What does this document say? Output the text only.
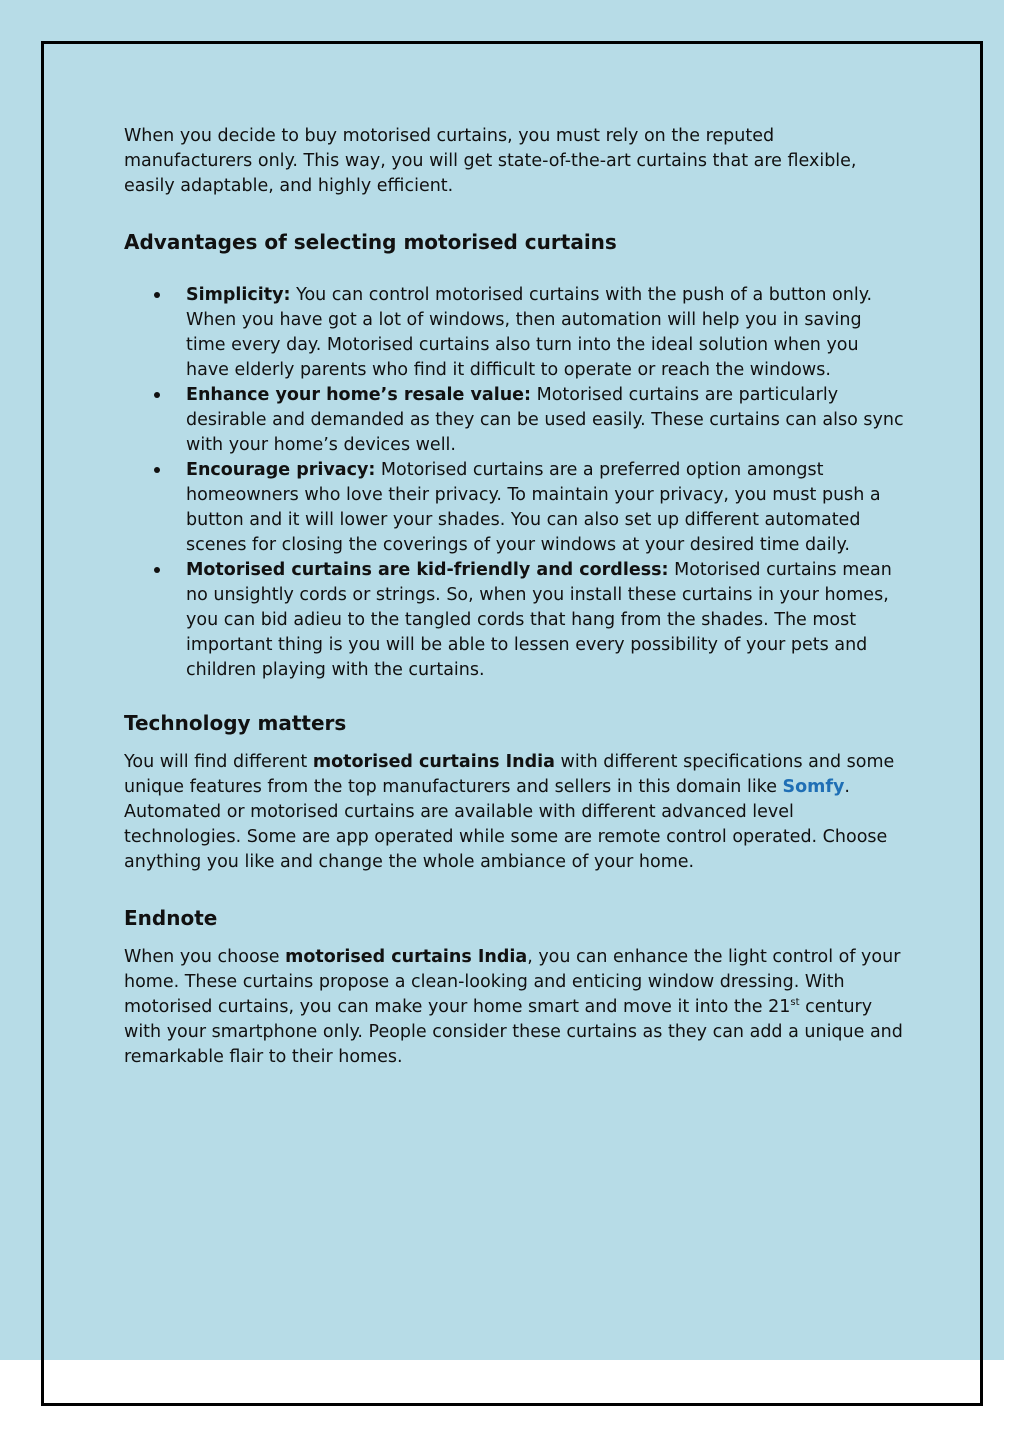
When you decide to buy motorised curtains, you must rely on the reputed manufacturers only. This way, you will get state-of-the-art curtains that are flexible, easily adaptable, and highly efficient.

Advantages of selecting motorised curtains
Simplicity: You can control motorised curtains with the push of a button only. When you have got a lot of windows, then automation will help you in saving time every day. Motorised curtains also turn into the ideal solution when you have elderly parents who find it difficult to operate or reach the windows.
Enhance your home’s resale value: Motorised curtains are particularly desirable and demanded as they can be used easily. These curtains can also sync with your home’s devices well.
Encourage privacy: Motorised curtains are a preferred option amongst homeowners who love their privacy. To maintain your privacy, you must push a button and it will lower your shades. You can also set up different automated scenes for closing the coverings of your windows at your desired time daily.
Motorised curtains are kid-friendly and cordless: Motorised curtains mean no unsightly cords or strings. So, when you install these curtains in your homes, you can bid adieu to the tangled cords that hang from the shades. The most important thing is you will be able to lessen every possibility of your pets and children playing with the curtains.
Technology matters

You will find different motorised curtains India with different specifications and some unique features from the top manufacturers and sellers in this domain like Somfy. Automated or motorised curtains are available with different advanced level technologies. Some are app operated while some are remote control operated. Choose anything you like and change the whole ambiance of your home.

Endnote

When you choose motorised curtains India, you can enhance the light control of your home. These curtains propose a clean-looking and enticing window dressing. With motorised curtains, you can make your home smart and move it into the 21st century with your smartphone only. People consider these curtains as they can add a unique and remarkable flair to their homes.
